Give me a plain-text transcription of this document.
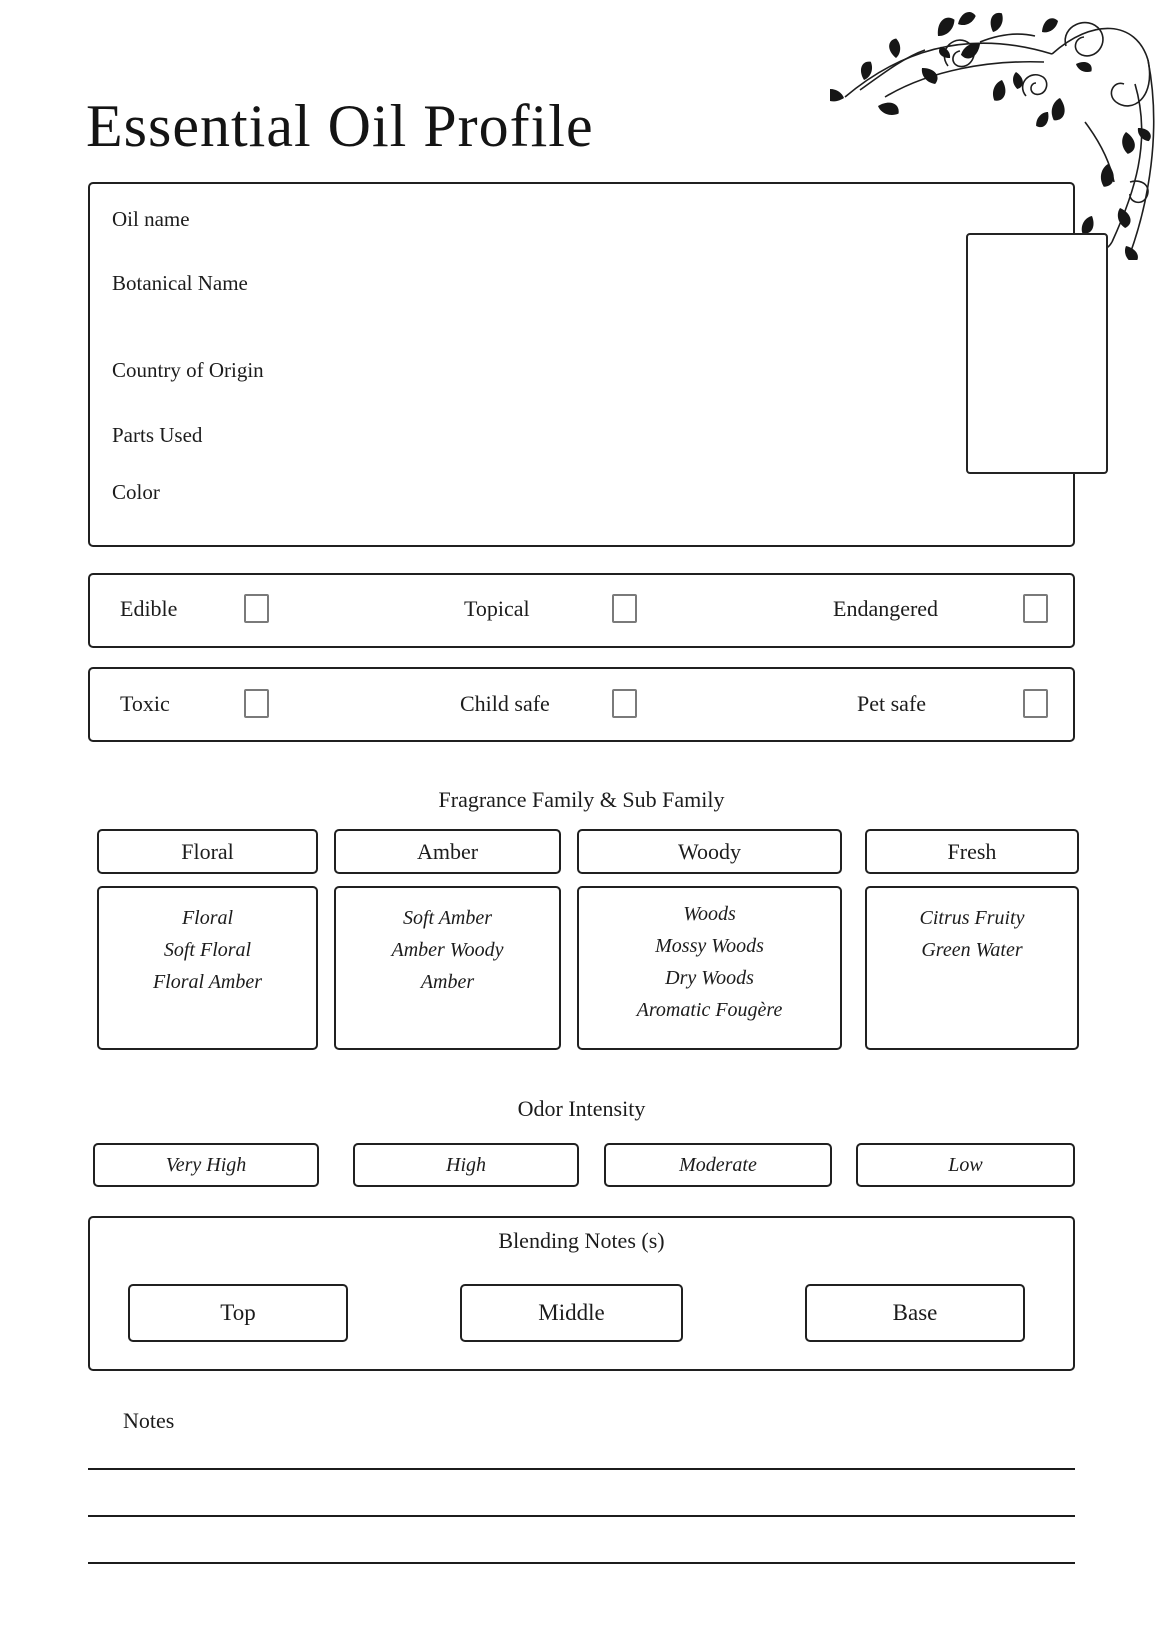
Essential Oil Profile
Oil name
Botanical Name
Country of Origin
Parts Used
Color
Edible	Topical	Endangered
Toxic	Child safe	Pet safe
Fragrance Family & Sub Family
Floral	Amber	Woody	Fresh
Floral
Soft Floral
Floral Amber
Soft Amber
Amber Woody
Amber
Woods
Mossy Woods
Dry Woods
Aromatic Fougère
Citrus Fruity
Green Water
Odor Intensity
Very High	High	Moderate	Low
Blending Notes (s)
Top	Middle	Base
Notes
